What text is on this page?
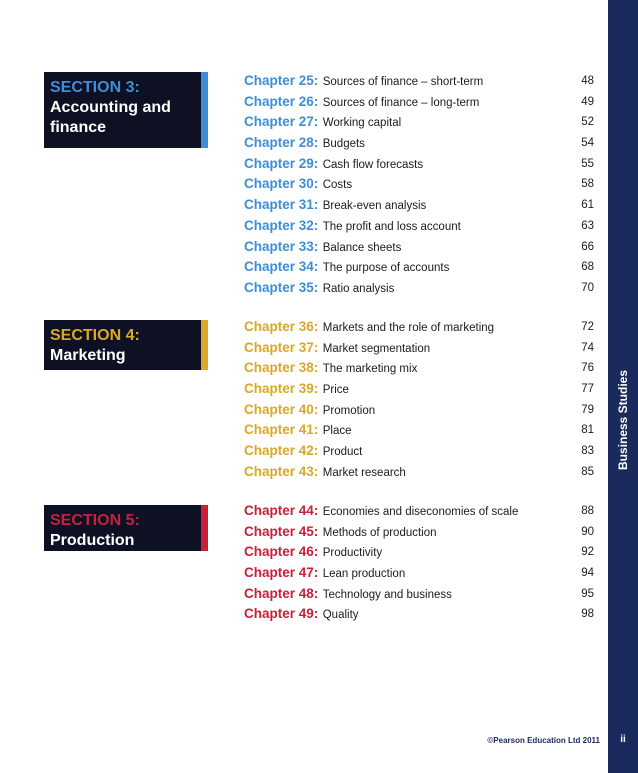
Business Studies
ii
©Pearson Education Ltd 2011
SECTION 3:
Accounting and
finance
Chapter 25: Sources of finance – short-term	48
Chapter 26: Sources of finance – long-term	49
Chapter 27: Working capital	52
Chapter 28: Budgets	54
Chapter 29: Cash flow forecasts	55
Chapter 30: Costs	58
Chapter 31: Break-even analysis	61
Chapter 32: The profit and loss account	63
Chapter 33: Balance sheets	66
Chapter 34: The purpose of accounts	68
Chapter 35: Ratio analysis	70
SECTION 4:
Marketing
Chapter 36: Markets and the role of marketing	72
Chapter 37: Market segmentation	74
Chapter 38: The marketing mix	76
Chapter 39: Price	77
Chapter 40: Promotion	79
Chapter 41: Place	81
Chapter 42: Product	83
Chapter 43: Market research	85
SECTION 5:
Production
Chapter 44: Economies and diseconomies of scale	88
Chapter 45: Methods of production	90
Chapter 46: Productivity	92
Chapter 47: Lean production	94
Chapter 48: Technology and business	95
Chapter 49: Quality	98
